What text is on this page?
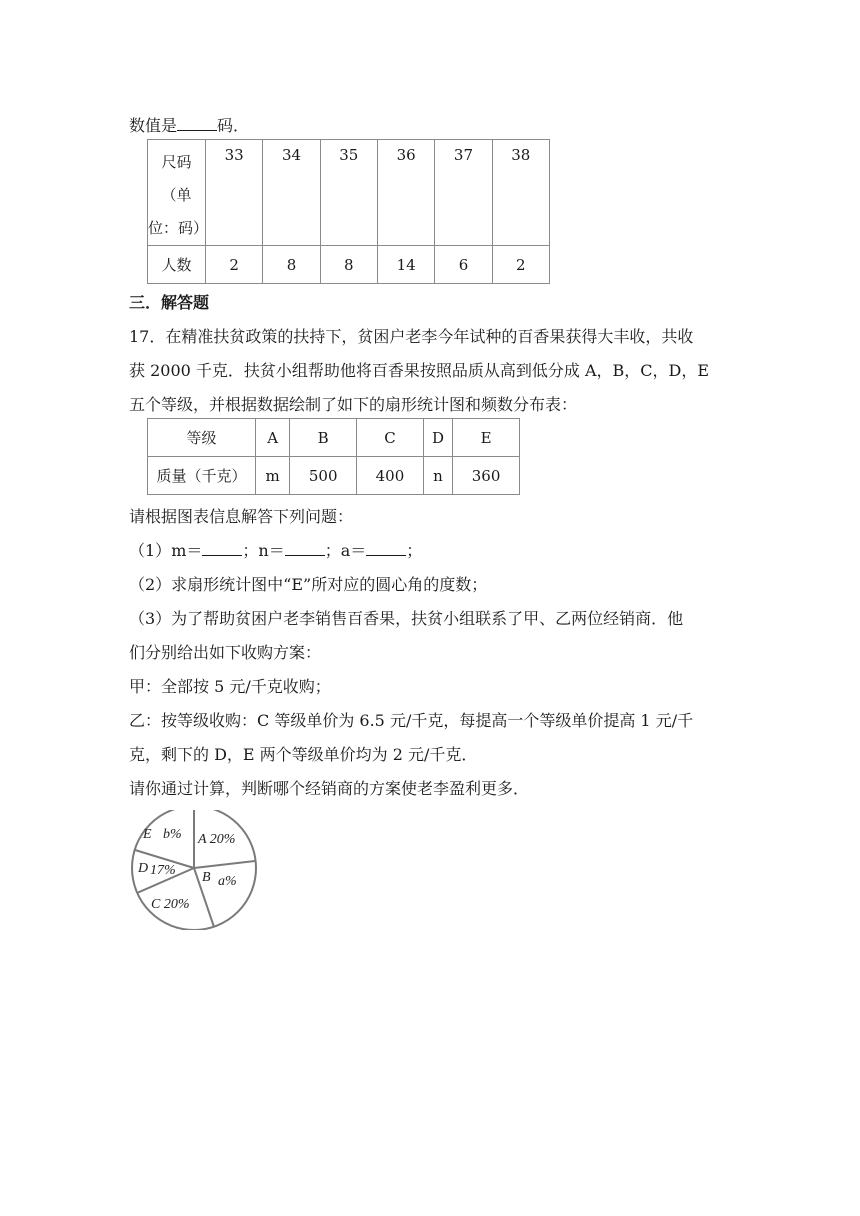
数值是	码．
尺码
（单
位：码）	33	34	35	36	37	38
人数	2	8	8	14	6	2
三．解答题
17．在精准扶贫政策的扶持下，贫困户老李今年试种的百香果获得大丰收，共收
获 2000 千克．扶贫小组帮助他将百香果按照品质从高到低分成 A，B，C，D，E
五个等级，并根据数据绘制了如下的扇形统计图和频数分布表：
等级	A	B	C	D	E
质量（千克）	m	500	400	n	360
请根据图表信息解答下列问题：
（1）m＝	；n＝	；a＝	；
（2）求扇形统计图中“E”所对应的圆心角的度数；
（3）为了帮助贫困户老李销售百香果，扶贫小组联系了甲、乙两位经销商．他
们分别给出如下收购方案：
甲：全部按 5 元/千克收购；
乙：按等级收购：C 等级单价为 6.5 元/千克，每提高一个等级单价提高 1 元/千
克，剩下的 D，E 两个等级单价均为 2 元/千克．
请你通过计算，判断哪个经销商的方案使老李盈利更多．
E b% A 20%
D 17% B a%
C 20%
